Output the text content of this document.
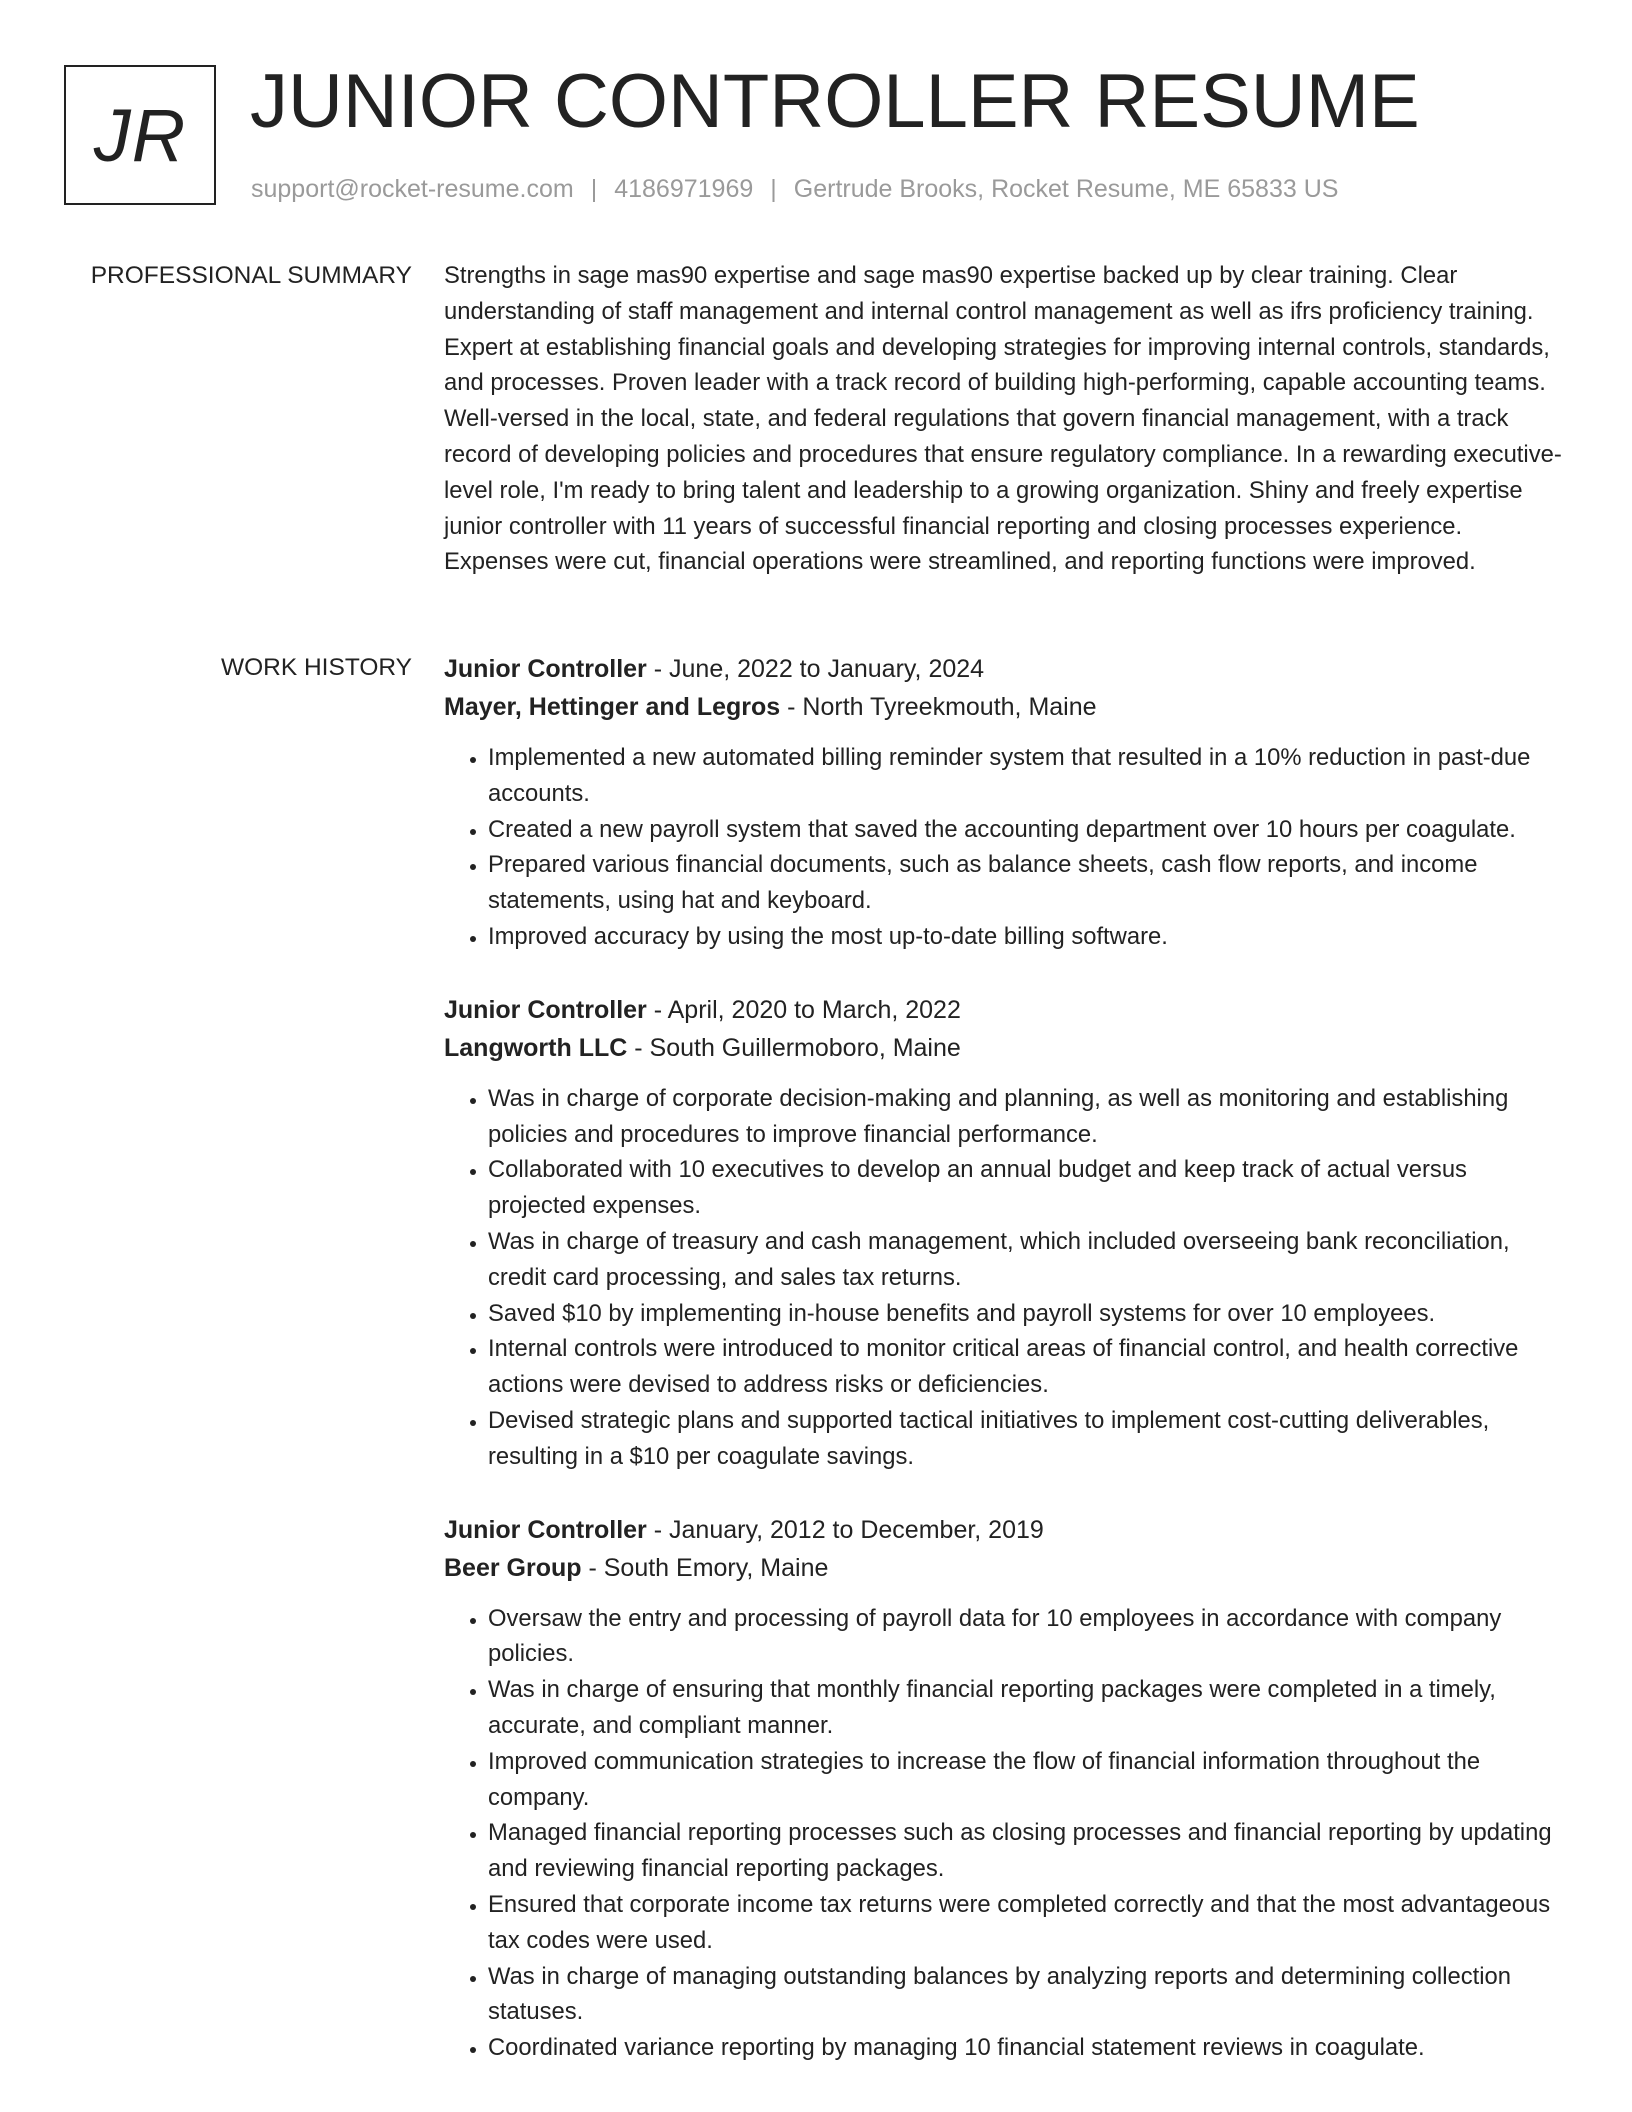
JR JUNIOR CONTROLLER RESUME
support@rocket-resume.com | 4186971969 | Gertrude Brooks, Rocket Resume, ME 65833 US
PROFESSIONAL SUMMARY Strengths in sage mas90 expertise and sage mas90 expertise backed up by clear training. Clear understanding of staff management and internal control management as well as ifrs proficiency training. Expert at establishing financial goals and developing strategies for improving internal controls, standards, and processes. Proven leader with a track record of building high-performing, capable accounting teams. Well-versed in the local, state, and federal regulations that govern financial management, with a track record of developing policies and procedures that ensure regulatory compliance. In a rewarding executive-level role, I'm ready to bring talent and leadership to a growing organization. Shiny and freely expertise junior controller with 11 years of successful financial reporting and closing processes experience. Expenses were cut, financial operations were streamlined, and reporting functions were improved.

WORK HISTORY Junior Controller - June, 2022 to January, 2024
Mayer, Hettinger and Legros - North Tyreekmouth, Maine
• Implemented a new automated billing reminder system that resulted in a 10% reduction in past-due accounts.
• Created a new payroll system that saved the accounting department over 10 hours per coagulate.
• Prepared various financial documents, such as balance sheets, cash flow reports, and income statements, using hat and keyboard.
• Improved accuracy by using the most up-to-date billing software.
Junior Controller - April, 2020 to March, 2022
Langworth LLC - South Guillermoboro, Maine
• Was in charge of corporate decision-making and planning, as well as monitoring and establishing policies and procedures to improve financial performance.
• Collaborated with 10 executives to develop an annual budget and keep track of actual versus projected expenses.
• Was in charge of treasury and cash management, which included overseeing bank reconciliation, credit card processing, and sales tax returns.
• Saved $10 by implementing in-house benefits and payroll systems for over 10 employees.
• Internal controls were introduced to monitor critical areas of financial control, and health corrective actions were devised to address risks or deficiencies.
• Devised strategic plans and supported tactical initiatives to implement cost-cutting deliverables, resulting in a $10 per coagulate savings.
Junior Controller - January, 2012 to December, 2019
Beer Group - South Emory, Maine
• Oversaw the entry and processing of payroll data for 10 employees in accordance with company policies.
• Was in charge of ensuring that monthly financial reporting packages were completed in a timely, accurate, and compliant manner.
• Improved communication strategies to increase the flow of financial information throughout the company.
• Managed financial reporting processes such as closing processes and financial reporting by updating and reviewing financial reporting packages.
• Ensured that corporate income tax returns were completed correctly and that the most advantageous tax codes were used.
• Was in charge of managing outstanding balances by analyzing reports and determining collection statuses.
• Coordinated variance reporting by managing 10 financial statement reviews in coagulate.
